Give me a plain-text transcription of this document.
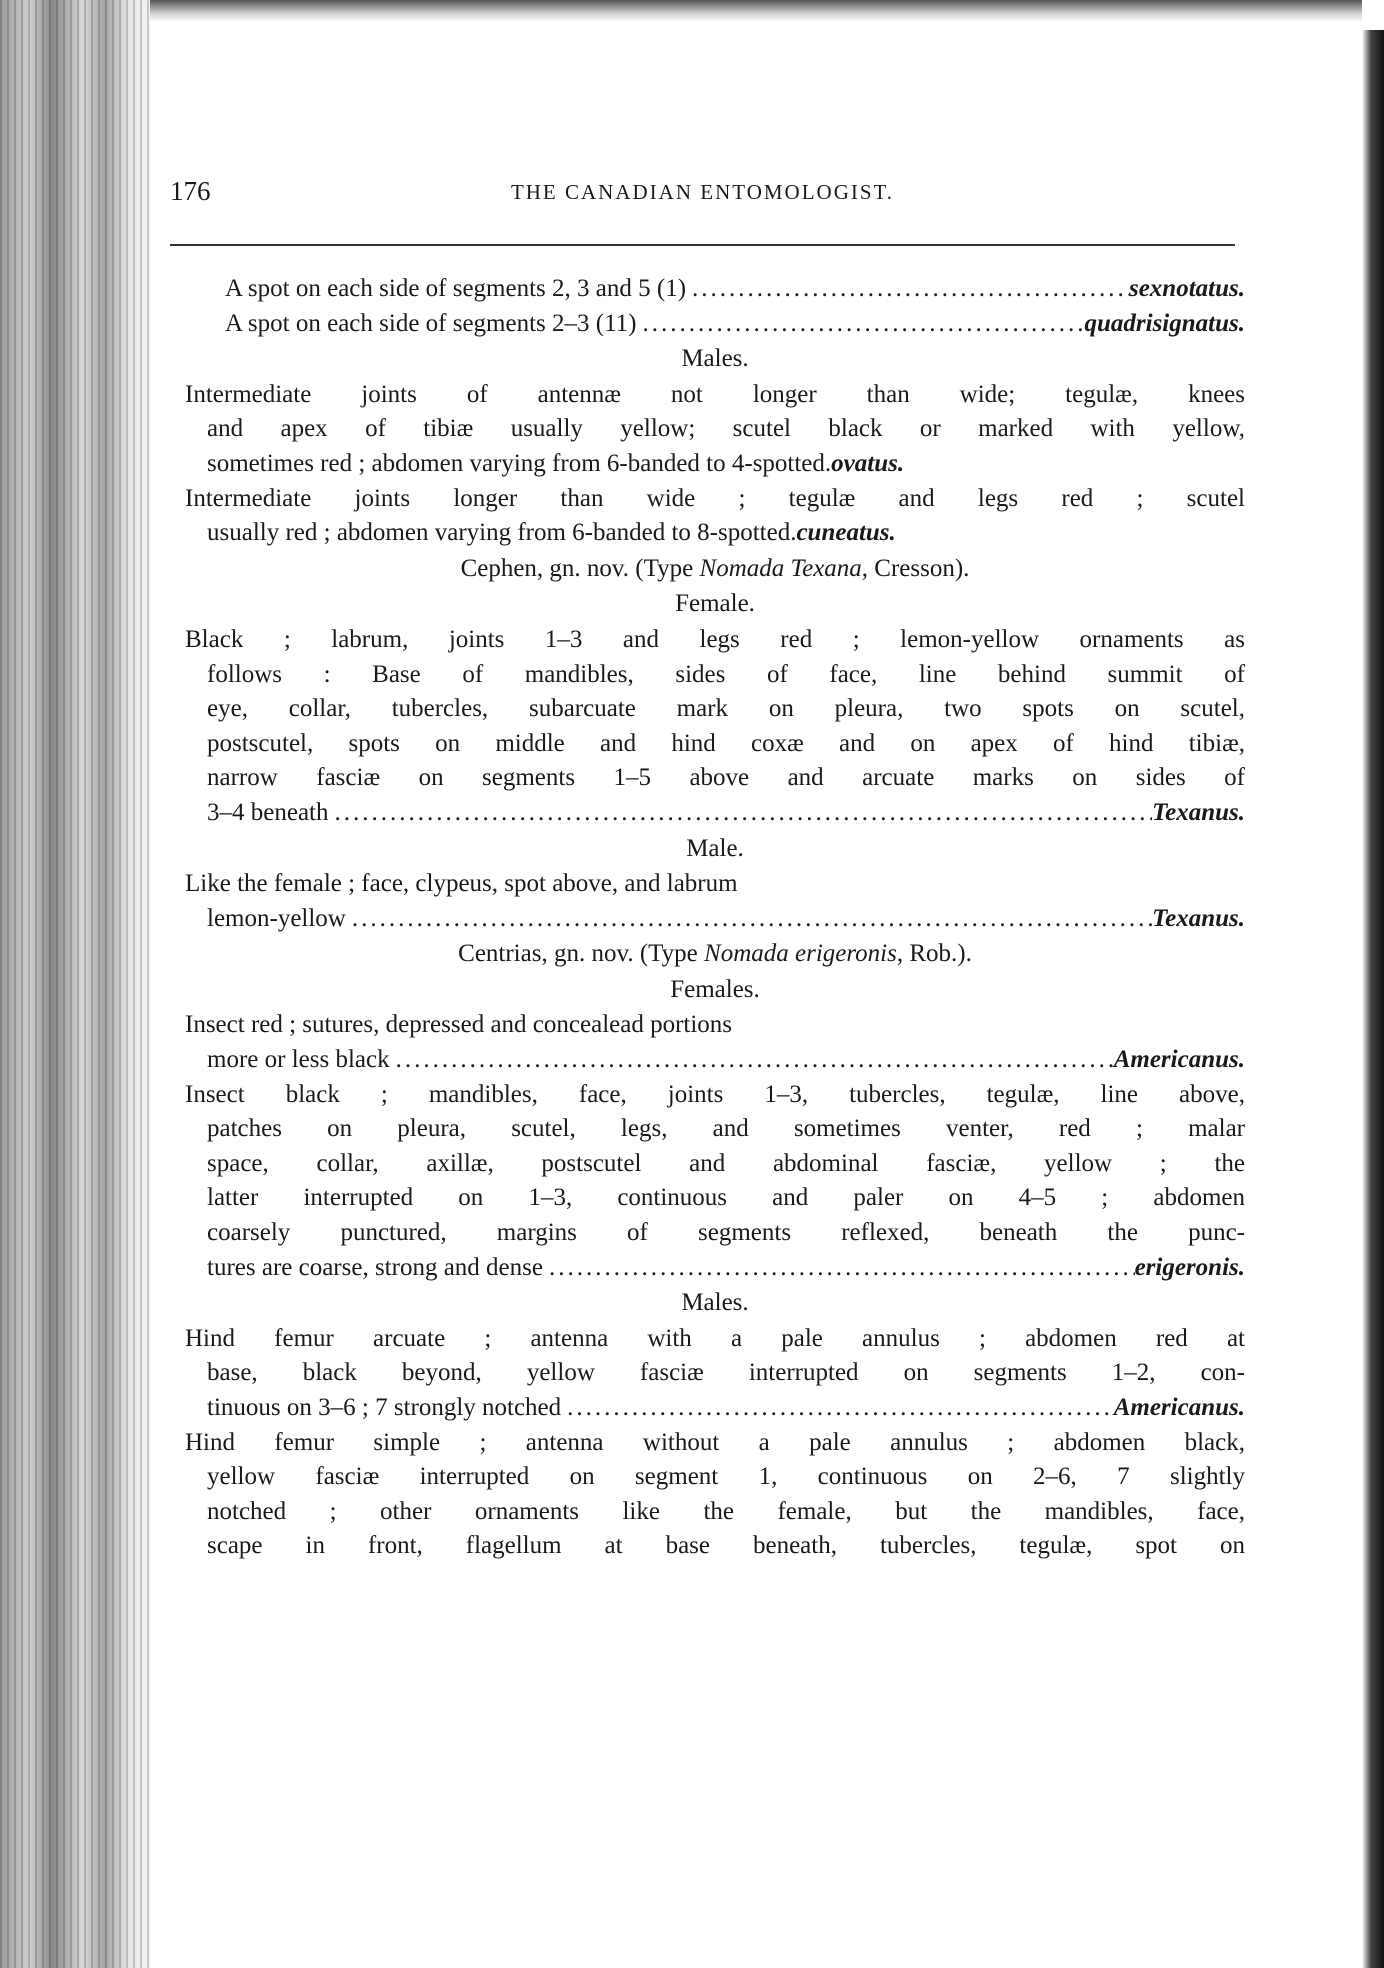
176	THE CANADIAN ENTOMOLOGIST.
A spot on each side of segments 2, 3 and 5 (1) .....	sexnotatus.
A spot on each side of segments 2–3 (11) .....	quadrisignatus.
Males.
Intermediate joints of antennæ not longer than wide; tegulæ, knees
and apex of tibiæ usually yellow; scutel black or marked with yellow,
sometimes red ; abdomen varying from 6-banded to 4-spotted. ovatus.
Intermediate joints longer than wide ; tegulæ and legs red ; scutel
usually red ; abdomen varying from 6-banded to 8-spotted. cuneatus.
Cephen, gn. nov. (Type Nomada Texana, Cresson).
Female.
Black ; labrum, joints 1–3 and legs red ; lemon-yellow ornaments as
follows : Base of mandibles, sides of face, line behind summit of
eye, collar, tubercles, subarcuate mark on pleura, two spots on scutel,
postscutel, spots on middle and hind coxæ and on apex of hind tibiæ,
narrow fasciæ on segments 1–5 above and arcuate marks on sides of
3–4 beneath .....	Texanus.
Male.
Like the female ; face, clypeus, spot above, and labrum
lemon-yellow .....	Texanus.
Centrias, gn. nov. (Type Nomada erigeronis, Rob.).
Females.
Insect red ; sutures, depressed and concealead portions
more or less black .....	Americanus.
Insect black ; mandibles, face, joints 1–3, tubercles, tegulæ, line above,
patches on pleura, scutel, legs, and sometimes venter, red ; malar
space, collar, axillæ, postscutel and abdominal fasciæ, yellow ; the
latter interrupted on 1–3, continuous and paler on 4–5 ; abdomen
coarsely punctured, margins of segments reflexed, beneath the punc-
tures are coarse, strong and dense .....	erigeronis.
Males.
Hind femur arcuate ; antenna with a pale annulus ; abdomen red at
base, black beyond, yellow fasciæ interrupted on segments 1–2, con-
tinuous on 3–6 ; 7 strongly notched .....	Americanus.
Hind femur simple ; antenna without a pale annulus ; abdomen black,
yellow fasciæ interrupted on segment 1, continuous on 2–6, 7 slightly
notched ; other ornaments like the female, but the mandibles, face,
scape in front, flagellum at base beneath, tubercles, tegulæ, spot on
